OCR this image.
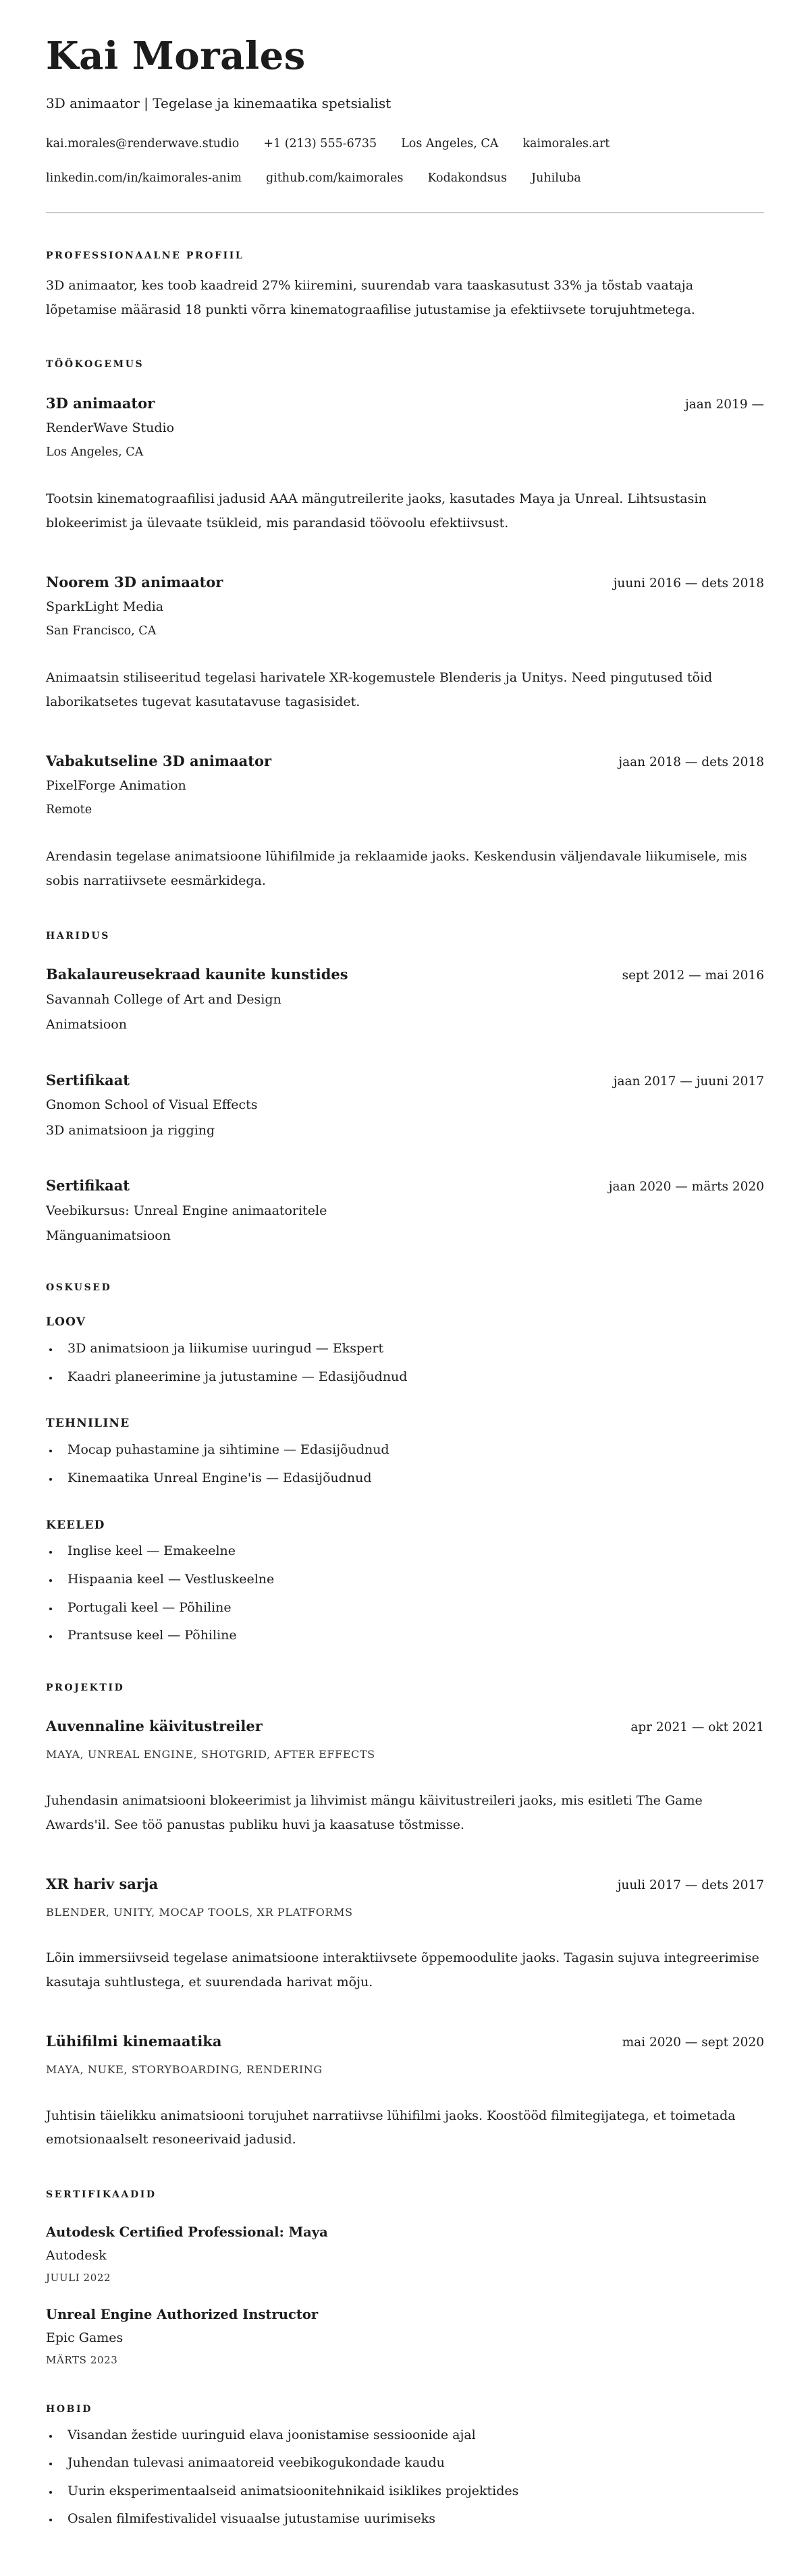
Kai Morales
3D animaator | Tegelase ja kinemaatika spetsialist
kai.morales@renderwave.studio +1 (213) 555-6735 Los Angeles, CA kaimorales.art
linkedin.com/in/kaimorales-anim github.com/kaimorales Kodakondsus Juhiluba
PROFESSIONAALNE PROFIIL

3D animaator, kes toob kaadreid 27% kiiremini, suurendab vara taaskasutust 33% ja tõstab vaataja lõpetamise määrasid 18 punkti võrra kinematograafilise jutustamise ja efektiivsete torujuhtmetega.

TÖÖKOGEMUS
3D animaator	jaan 2019 —
RenderWave Studio
Los Angeles, CA

Tootsin kinematograafilisi jadusid AAA mängutreilerite jaoks, kasutades Maya ja Unreal. Lihtsustasin blokeerimist ja ülevaate tsükleid, mis parandasid töövoolu efektiivsust.

Noorem 3D animaator	juuni 2016 — dets 2018
SparkLight Media
San Francisco, CA

Animaatsin stiliseeritud tegelasi harivatele XR-kogemustele Blenderis ja Unitys. Need pingutused tõid laborikatsetes tugevat kasutatavuse tagasisidet.

Vabakutseline 3D animaator	jaan 2018 — dets 2018
PixelForge Animation
Remote

Arendasin tegelase animatsioone lühifilmide ja reklaamide jaoks. Keskendusin väljendavale liikumisele, mis sobis narratiivsete eesmärkidega.

HARIDUS
Bakalaureusekraad kaunite kunstides	sept 2012 — mai 2016
Savannah College of Art and Design
Animatsioon
Sertifikaat	jaan 2017 — juuni 2017
Gnomon School of Visual Effects
3D animatsioon ja rigging
Sertifikaat	jaan 2020 — märts 2020
Veebikursus: Unreal Engine animaatoritele
Mänguanimatsioon
OSKUSED
LOOV
• 3D animatsioon ja liikumise uuringud — Ekspert
• Kaadri planeerimine ja jutustamine — Edasijõudnud
TEHNILINE
• Mocap puhastamine ja sihtimine — Edasijõudnud
• Kinemaatika Unreal Engine'is — Edasijõudnud
KEELED
• Inglise keel — Emakeelne
• Hispaania keel — Vestluskeelne
• Portugali keel — Põhiline
• Prantsuse keel — Põhiline
PROJEKTID
Auvennaline käivitustreiler	apr 2021 — okt 2021
MAYA, UNREAL ENGINE, SHOTGRID, AFTER EFFECTS

Juhendasin animatsiooni blokeerimist ja lihvimist mängu käivitustreileri jaoks, mis esitleti The Game Awards'il. See töö panustas publiku huvi ja kaasatuse tõstmisse.

XR hariv sarja	juuli 2017 — dets 2017
BLENDER, UNITY, MOCAP TOOLS, XR PLATFORMS

Lõin immersiivseid tegelase animatsioone interaktiivsete õppemoodulite jaoks. Tagasin sujuva integreerimise kasutaja suhtlustega, et suurendada harivat mõju.

Lühifilmi kinemaatika	mai 2020 — sept 2020
MAYA, NUKE, STORYBOARDING, RENDERING

Juhtisin täielikku animatsiooni torujuhet narratiivse lühifilmi jaoks. Koostööd filmitegijatega, et toimetada emotsionaalselt resoneerivaid jadusid.

SERTIFIKAADID
Autodesk Certified Professional: Maya
Autodesk
JUULI 2022
Unreal Engine Authorized Instructor
Epic Games
MÄRTS 2023
HOBID
• Visandan žestide uuringuid elava joonistamise sessioonide ajal
• Juhendan tulevasi animaatoreid veebikogukondade kaudu
• Uurin eksperimentaalseid animatsioonitehnikaid isiklikes projektides
• Osalen filmifestivalidel visuaalse jutustamise uurimiseks
